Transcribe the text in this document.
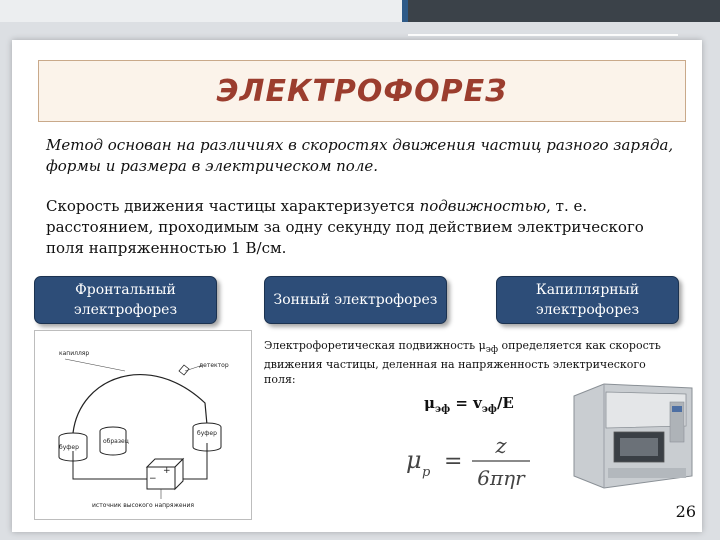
ЭЛЕКТРОФОРЕЗ
Метод основан на различиях в скоростях движения частиц разного заряда, формы и размера в электрическом поле.
Скорость движения частицы характеризуется подвижностью, т. е. расстоянием, проходимым за одну секунду под действием электрического поля напряженностью 1 В/см.
Фронтальный электрофорез
Зонный электрофорез
Капиллярный электрофорез
капилляр
детектор
буфер
образец
буфер
−
+
источник высокого напряжения
Электрофоретическая подвижность $\mu_{эф}$ определяется как скорость движения частицы, деленная на напряженность электрического поля:
$\mu_{эф} = v_{эф}/E$
μ p =
z
6πηr
26
